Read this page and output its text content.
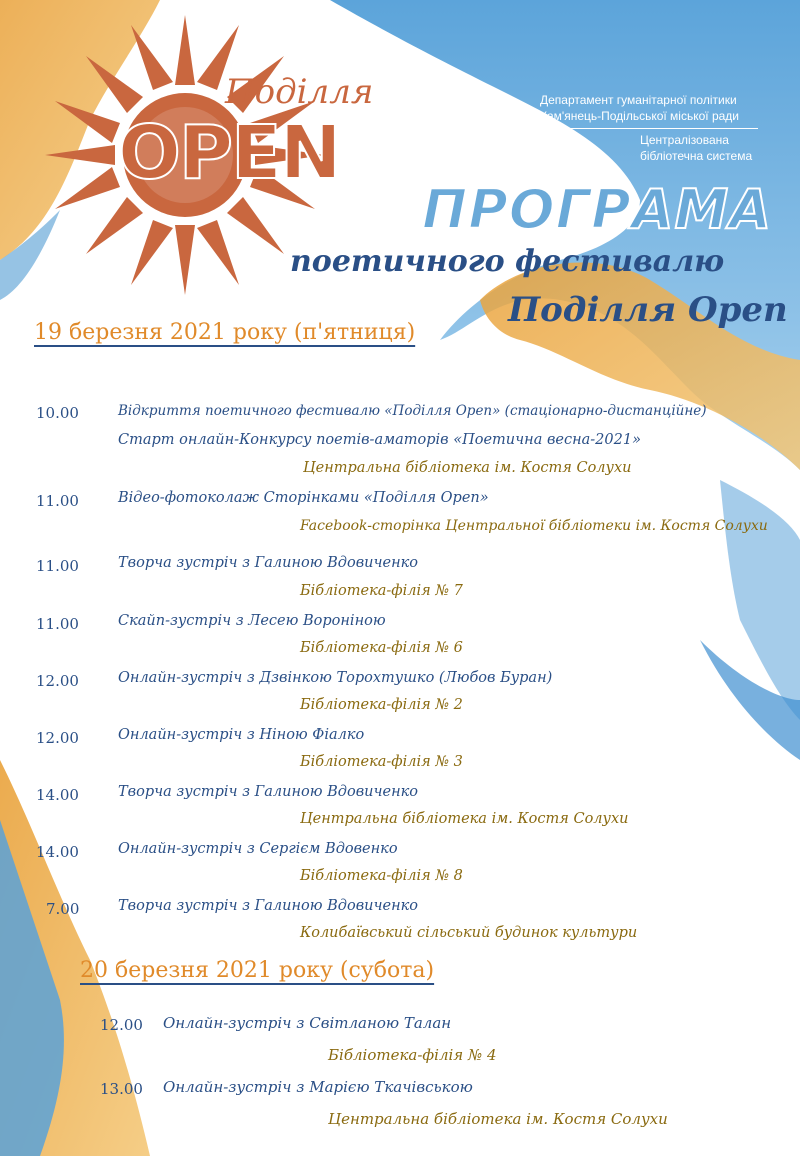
Поділля
OPEN
Департамент гуманітарної політики
Кам'янець-Подільської міської ради
Централізована
бібліотечна система
ПРОГРАМА
поетичного фестивалю
Поділля Open
19 березня 2021 року (п'ятниця)
10.00	Відкриття поетичного фестивалю «Поділля Open» (стаціонарно-дистанційне)
Старт онлайн-Конкурсу поетів-аматорів «Поетична весна-2021»
Центральна бібліотека ім. Костя Солухи
11.00	Відео-фотоколаж Сторінками «Поділля Open»
Facebook-сторінка Центральної бібліотеки ім. Костя Солухи
11.00	Творча зустріч з Галиною Вдовиченко
Бібліотека-філія № 7
11.00	Скайп-зустріч з Лесею Вороніною
Бібліотека-філія № 6
12.00	Онлайн-зустріч з Дзвінкою Торохтушко (Любов Буран)
Бібліотека-філія № 2
12.00	Онлайн-зустріч з Ніною Фіалко
Бібліотека-філія № 3
14.00	Творча зустріч з Галиною Вдовиченко
Центральна бібліотека ім. Костя Солухи
14.00	Онлайн-зустріч з Сергієм Вдовенко
Бібліотека-філія № 8
7.00	Творча зустріч з Галиною Вдовиченко
Колибаївський сільський будинок культури
20 березня 2021 року (субота)
12.00 Онлайн-зустріч з Світланою Талан
Бібліотека-філія № 4
13.00 Онлайн-зустріч з Марією Ткачівською
Центральна бібліотека ім. Костя Солухи
